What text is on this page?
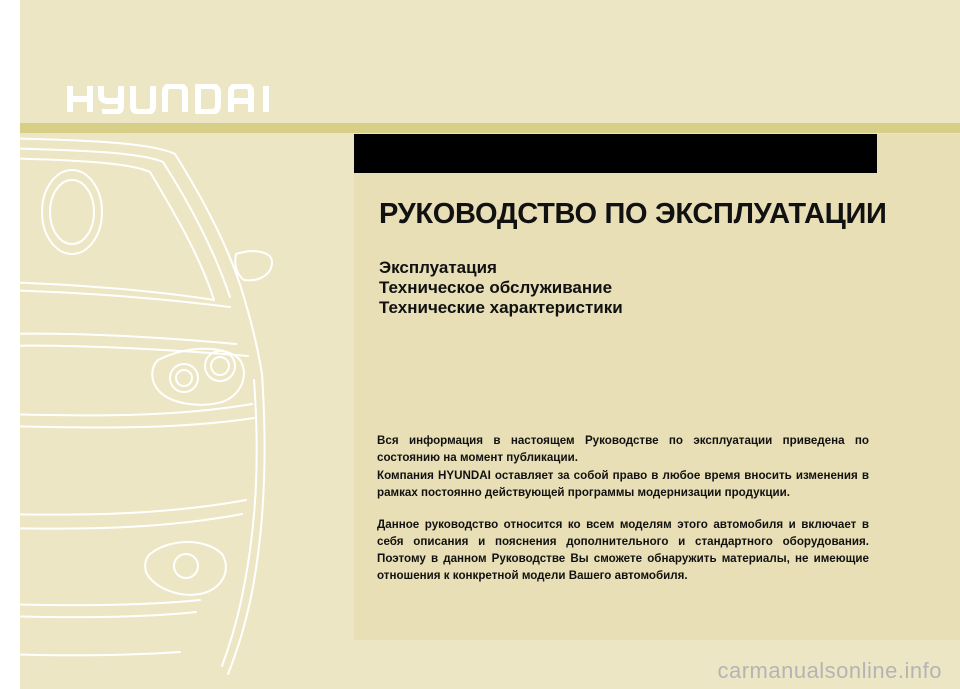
РУКОВОДСТВО ПО ЭКСПЛУАТАЦИИ

Эксплуатация

Техническое обслуживание

Технические характеристики

Вся информация в настоящем Руководстве по эксплуатации приведена по состоянию на момент публикации.

Компания HYUNDAI оставляет за собой право в любое время вносить изменения в рамках постоянно действующей программы модернизации продукции.

Данное руководство относится ко всем моделям этого автомобиля и включает в себя описания и пояснения дополнительного и стандартного оборудования. Поэтому в данном Руководстве Вы сможете обнаружить материалы, не имеющие отношения к конкретной модели Вашего автомобиля.

carmanualsonline.info
